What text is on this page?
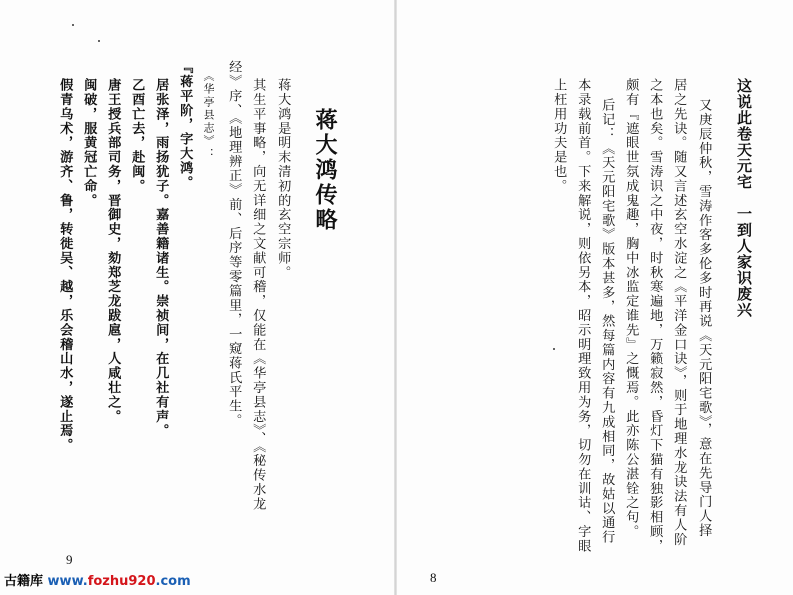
蒋大鸿传略
蒋大鸿是明末清初的玄空宗师。
其生平事略，向无详细之文献可稽，仅能在《华亭县志》、《秘传水龙
经》序、《地理辨正》前、后序等零篇里，一窥蒋氏平生。
《华亭县志》：
『蒋平阶，字大鸿。
居张泽，雨扬犹子。嘉善籍诸生。崇祯间，在几社有声。
乙酉亡去，赴闽。
唐王授兵部司务，晋御史，劾郑芝龙跋扈，人咸壮之。
闽破，服黄冠亡命。
假青乌术，游齐、鲁，转徙吴、越，乐会稽山水，遂止焉。
9
这说此卷天元宅　一到人家识废兴
又庚辰仲秋，雪涛作客多伦多时再说《天元阳宅歌》，意在先导门人择
居之先诀。随又言述玄空水淀之《平洋金口诀》，则于地理水龙诀法有人阶
之本也矣。雪涛识之中夜，时秋寒遍地，万籁寂然，昏灯下猫有独影相顾，
颇有『遮眼世氛成鬼趣，胸中冰监定谁先』之慨焉。此亦陈公湛铨之句。
后记：《天元阳宅歌》版本甚多，然每篇内容有九成相同，故姑以通行
本录载前首。下来解说，则依另本，昭示明理致用为务，切勿在训诂、字眼
上枉用功夫是也。
8
古籍库 www.fozhu920.com
